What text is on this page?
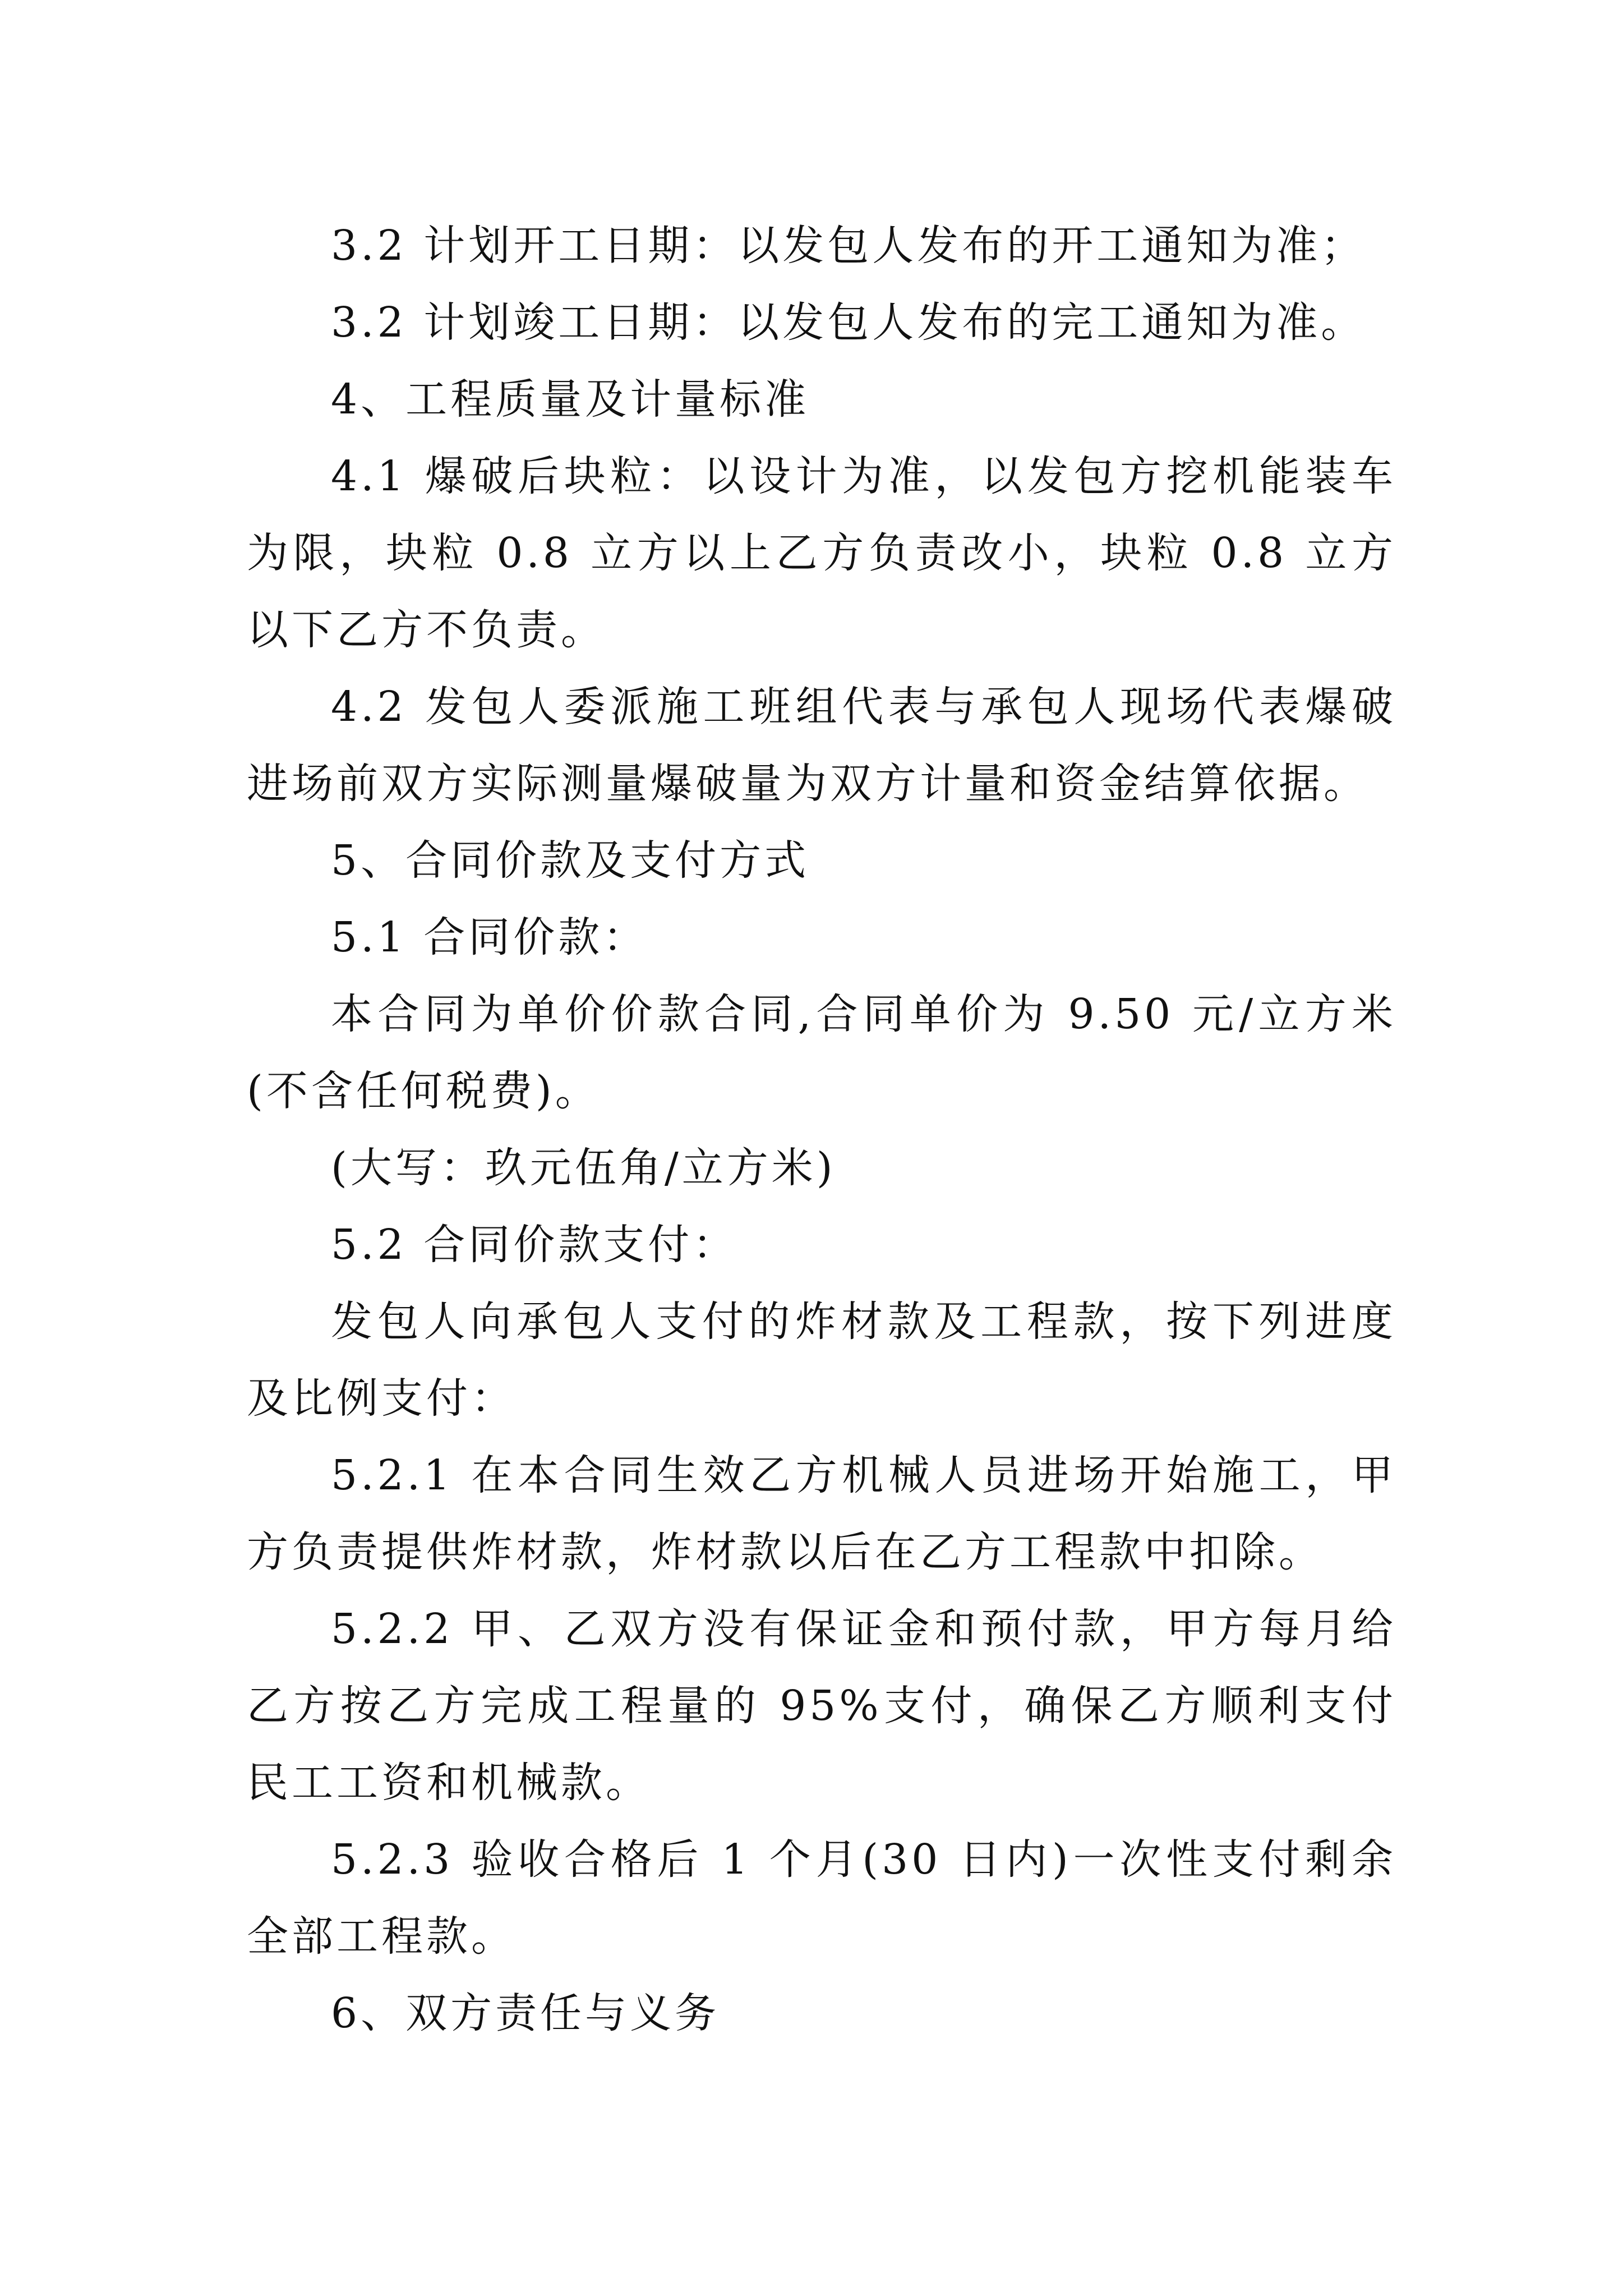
3.2 计划开工日期：以发包人发布的开工通知为准；

3.2 计划竣工日期：以发包人发布的完工通知为准。

4、工程质量及计量标准

4.1 爆破后块粒：以设计为准，以发包方挖机能装车为限，块粒 0.8 立方以上乙方负责改小，块粒 0.8 立方以下乙方不负责。

4.2 发包人委派施工班组代表与承包人现场代表爆破进场前双方实际测量爆破量为双方计量和资金结算依据。

5、合同价款及支付方式

5.1 合同价款：

本合同为单价价款合同,合同单价为 9.50 元/立方米(不含任何税费)。

(大写：玖元伍角/立方米)

5.2 合同价款支付：

发包人向承包人支付的炸材款及工程款，按下列进度及比例支付：

5.2.1 在本合同生效乙方机械人员进场开始施工，甲方负责提供炸材款，炸材款以后在乙方工程款中扣除。

5.2.2 甲、乙双方没有保证金和预付款，甲方每月给乙方按乙方完成工程量的 95%支付，确保乙方顺利支付民工工资和机械款。

5.2.3 验收合格后 1 个月(30 日内)一次性支付剩余全部工程款。

6、双方责任与义务
